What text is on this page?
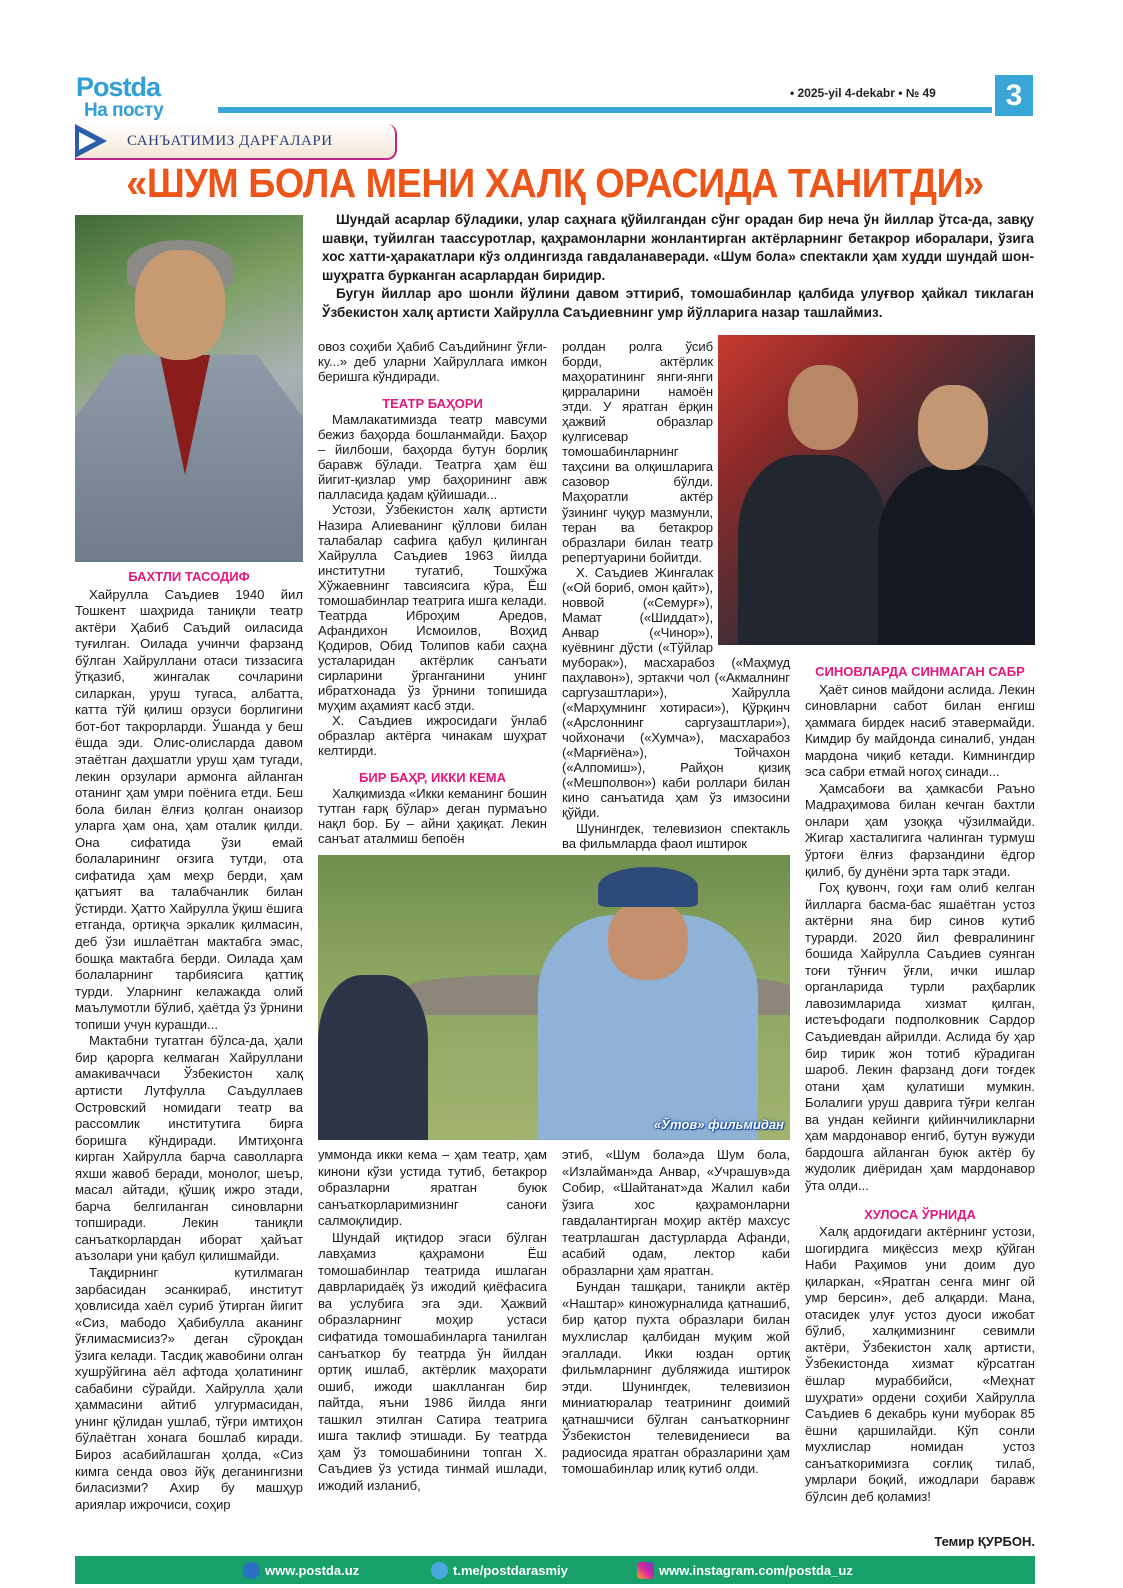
Postda
На посту
• 2025-yil 4-dekabr • № 49	3
САНЪАТИМИЗ ДАРҒАЛАРИ
«ШУМ БОЛА МЕНИ ХАЛҚ ОРАСИДА ТАНИТДИ»

Шундай асарлар бўладики, улар саҳнага қўйилгандан сўнг орадан бир неча ўн йиллар ўтса-да, завқу шавқи, туйилган таассуротлар, қаҳрамонларни жонлантирган актёрларнинг бетакрор иборалари, ўзига хос хатти-ҳаракатлари кўз олдингизда гавдаланаверади. «Шум бола» спектакли ҳам худди шундай шон-шуҳратга бурканган асарлардан биридир.

Бугун йиллар аро шонли йўлини давом эттириб, томошабинлар қалбида улуғвор ҳайкал тиклаган Ўзбекистон халқ артисти Хайрулла Саъдиевнинг умр йўлларига назар ташлаймиз.

«Ўтов» фильмидан
БАХТЛИ ТАСОДИФ

Хайрулла Саъдиев 1940 йил Тошкент шаҳрида таниқли театр актёри Ҳабиб Саъдий оиласида туғилган. Оилада учинчи фарзанд бўлган Хайруллани отаси тиззасига ўтқазиб, жингалак сочларини силаркан, уруш тугаса, албатта, катта тўй қилиш орзуси борлигини бот-бот такрорларди. Ўшанда у беш ёшда эди. Олис-олисларда давом этаётган даҳшатли уруш ҳам тугади, лекин орзулари армонга айланган отанинг ҳам умри поёнига етди. Беш бола билан ёлғиз қолган онаизор уларга ҳам она, ҳам оталик қилди. Она сифатида ўзи емай болаларининг оғзига тутди, ота сифатида ҳам меҳр берди, ҳам қатъият ва талабчанлик билан ўстирди. Ҳатто Хайрулла ўқиш ёшига етганда, ортиқча эркалик қилмасин, деб ўзи ишлаётган мактабга эмас, бошқа мактабга берди. Оилада ҳам болаларнинг тарбиясига қаттиқ турди. Уларнинг келажакда олий маълумотли бўлиб, ҳаётда ўз ўрнини топиши учун курашди...

Мактабни тугатган бўлса-да, ҳали бир қарорга келмаган Хайруллани амакиваччаси Ўзбекистон халқ артисти Лутфулла Саъдуллаев Островский номидаги театр ва рассомлик институтига бирга боришга кўндиради. Имтиҳонга кирган Хайрулла барча саволларга яхши жавоб беради, монолог, шеър, масал айтади, қўшиқ ижро этади, барча белгиланган синовларни топширади. Лекин таниқли санъаткорлардан иборат ҳайъат аъзолари уни қабул қилишмайди.

Тақдирнинг кутилмаган зарбасидан эсанкираб, институт ҳовлисида хаёл суриб ўтирган йигит «Сиз, мабодо Ҳабибулла аканинг ўғлимасмисиз?» деган сўроқдан ўзига келади. Тасдиқ жавобини олган хушрўйгина аёл афтода ҳолатининг сабабини сўрайди. Хайрулла ҳали ҳаммасини айтиб улгурмасидан, унинг қўлидан ушлаб, тўғри имтиҳон бўлаётган хонага бошлаб киради. Бироз асабийлашган ҳолда, «Сиз кимга сенда овоз йўқ деганингизни биласизми? Ахир бу машҳур ариялар ижрочиси, соҳир

овоз соҳиби Ҳабиб Саъдийнинг ўғли-ку...» деб уларни Хайруллага имкон беришга кўндиради.

ТЕАТР БАҲОРИ

Мамлакатимизда театр мавсуми бежиз баҳорда бошланмайди. Баҳор – йилбоши, баҳорда бутун борлиқ баравж бўлади. Театрга ҳам ёш йигит-қизлар умр баҳорининг авж палласида қадам қўйишади...

Устози, Ўзбекистон халқ артисти Назира Алиеванинг қўллови билан талабалар сафига қабул қилинган Хайрулла Саъдиев 1963 йилда институтни тугатиб, Тошхўжа Хўжаевнинг тавсиясига кўра, Ёш томошабинлар театрига ишга келади. Театрда Иброҳим Аредов, Афандихон Исмоилов, Воҳид Қодиров, Обид Толипов каби саҳна усталаридан актёрлик санъати сирларини ўрганганини унинг ибратхонада ўз ўрнини топишида муҳим аҳамият касб этди.

Х. Саъдиев ижросидаги ўнлаб образлар актёрга чинакам шуҳрат келтирди.

БИР БАҲР, ИККИ КЕМА

Халқимизда «Икки кеманинг бошин тутган ғарқ бўлар» деган пурмаъно нақл бор. Бу – айни ҳақиқат. Лекин санъат аталмиш бепоён

ролдан ролга ўсиб борди, актёрлик маҳоратининг янги-янги қирраларини намоён этди. У яратган ёрқин ҳажвий образлар кулгисевар томошабинларнинг таҳсини ва олқишларига сазовор бўлди. Маҳоратли актёр ўзининг чуқур мазмунли, теран ва бетакрор образлари билан театр репертуарини бойитди.

Х. Саъдиев Жингалак («Ой бориб, омон қайт»), новвой («Семурғ»), Мамат («Шиддат»), Анвар («Чинор»), куёвнинг дўсти («Тўйлар муборак»), масхарабоз («Маҳмуд паҳлавон»), эртакчи чол («Акмалнинг саргузаштлари»), Хайрулла («Марҳумнинг хотираси»), Қўрқинч («Арслоннинг саргузаштлари»), чойхоначи («Хумча»), масхарабоз («Марғиёна»), Тойчахон («Алпомиш»), Райҳон қизиқ («Мешполвон») каби роллари билан кино санъатида ҳам ўз имзосини қўйди.

Шунингдек, телевизион спектакль ва фильмларда фаол иштирок

СИНОВЛАРДА СИНМАГАН САБР

Ҳаёт синов майдони аслида. Лекин синовларни сабот билан енгиш ҳаммага бирдек насиб этавермайди. Кимдир бу майдонда синалиб, ундан мардона чиқиб кетади. Кимнингдир эса сабри етмай ногоҳ синади...

Ҳамсабоғи ва ҳамкасби Раъно Мадраҳимова билан кечган бахтли онлари ҳам узоққа чўзилмайди. Жигар хасталигига чалинган турмуш ўртоғи ёлғиз фарзандини ёдгор қилиб, бу дунёни эрта тарк этади.

Гоҳ қувонч, гоҳи ғам олиб келган йилларга басма-бас яшаётган устоз актёрни яна бир синов кутиб турарди. 2020 йил февралининг бошида Хайрулла Саъдиев суянган тоғи тўнғич ўғли, ички ишлар органларида турли раҳбарлик лавозимларида хизмат қилган, истеъфодаги подполковник Сардор Саъдиевдан айрилди. Аслида бу ҳар бир тирик жон тотиб кўрадиган шароб. Лекин фарзанд доғи тоғдек отани ҳам қулатиши мумкин. Болалиги уруш даврига тўғри келган ва ундан кейинги қийинчиликларни ҳам мардонавор енгиб, бутун вужуди бардошга айланган буюк актёр бу жудолик диёридан ҳам мардонавор ўта олди...

ХУЛОСА ЎРНИДА

Халқ ардоғидаги актёрнинг устози, шогирдига миқёссиз меҳр қўйган Наби Раҳимов уни доим дуо қиларкан, «Яратган сенга минг ой умр берсин», деб алқарди. Мана, отасидек улуғ устоз дуоси ижобат бўлиб, халқимизнинг севимли актёри, Ўзбекистон халқ артисти, Ўзбекистонда хизмат кўрсатган ёшлар мураббийси, «Меҳнат шуҳрати» ордени соҳиби Хайрулла Саъдиев 6 декабрь куни муборак 85 ёшни қаршилайди. Кўп сонли мухлислар номидан устоз санъаткоримизга соғлиқ тилаб, умрлари боқий, ижодлари баравж бўлсин деб қоламиз!

уммонда икки кема – ҳам театр, ҳам кинони кўзи устида тутиб, бетакрор образларни яратган буюк санъаткорларимизнинг саноғи салмоқлидир.

Шундай иқтидор эгаси бўлган лавҳамиз қаҳрамони Ёш томошабинлар театрида ишлаган даврларидаёқ ўз ижодий қиёфасига ва услубига эга эди. Ҳажвий образларнинг моҳир устаси сифатида томошабинларга танилган санъаткор бу театрда ўн йилдан ортиқ ишлаб, актёрлик маҳорати ошиб, ижоди шаклланган бир пайтда, яъни 1986 йилда янги ташкил этилган Сатира театрига ишга таклиф этишади. Бу театрда ҳам ўз томошабинини топган Х. Саъдиев ўз устида тинмай ишлади, ижодий изланиб,

этиб, «Шум бола»да Шум бола, «Излайман»да Анвар, «Учрашув»да Собир, «Шайтанат»да Жалил каби ўзига хос қаҳрамонларни гавдалантирган моҳир актёр махсус театрлашган дастурларда Афанди, асабий одам, лектор каби образларни ҳам яратган.

Бундан ташқари, таниқли актёр «Наштар» киножурналида қатнашиб, бир қатор пухта образлари билан мухлислар қалбидан муқим жой эгаллади. Икки юздан ортиқ фильмларнинг дубляжида иштирок этди. Шунингдек, телевизион миниатюралар театрининг доимий қатнашчиси бўлган санъаткорнинг Ўзбекистон телевидениеси ва радиосида яратган образларини ҳам томошабинлар илиқ кутиб олди.

Темир ҚУРБОН.
www.postda.uz	t.me/postdarasmiy	www.instagram.com/postda_uz
